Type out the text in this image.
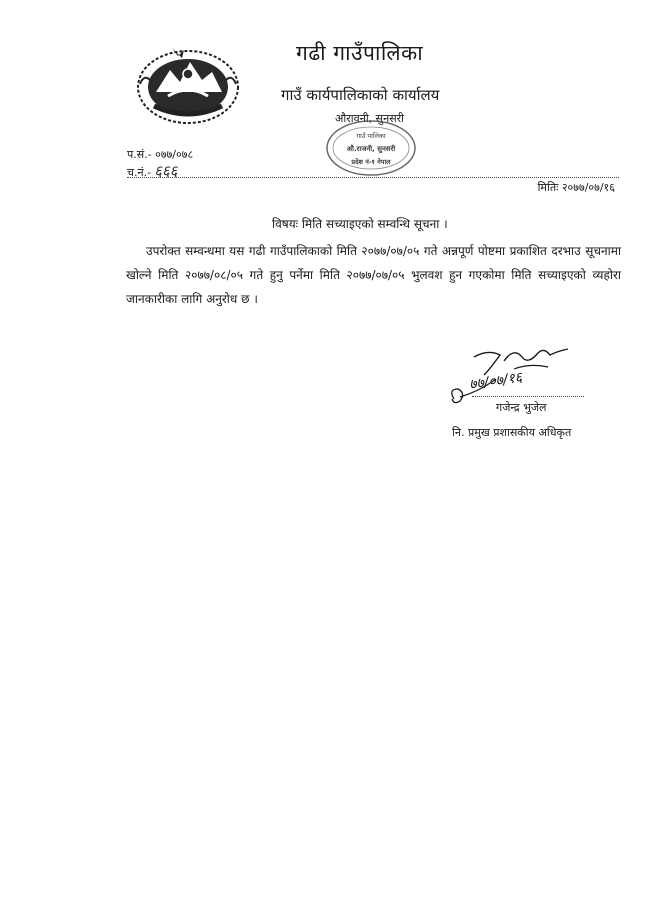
गढी गाउँपालिका
गाउँ कार्यपालिकाको कार्यालय
औरावनी, सुनसरी
गाउँ पालिका
औ.राजनी, सुनसरी
प्रदेश नं-१ नेपाल
प.सं.- ०७७/०७८
च.नं.- ६६६
मितिः २०७७/०७/१६
विषयः मिति सच्याइएको सम्वन्धि सूचना ।

उपरोक्त सम्वन्धमा यस गढी गाउँपालिकाको मिति २०७७/०७/०५ गते अन्नपूर्ण पोष्टमा प्रकाशित दरभाउ सूचनामा खोल्ने मिति २०७७/०८/०५ गते हुनु पर्नेमा मिति २०७७/०७/०५ भुलवश हुन गएकोमा मिति सच्याइएको व्यहोरा जानकारीका लागि अनुरोध छ ।

७७/०७/१६
गजेन्द्र भुजेल
नि. प्रमुख प्रशासकीय अधिकृत
